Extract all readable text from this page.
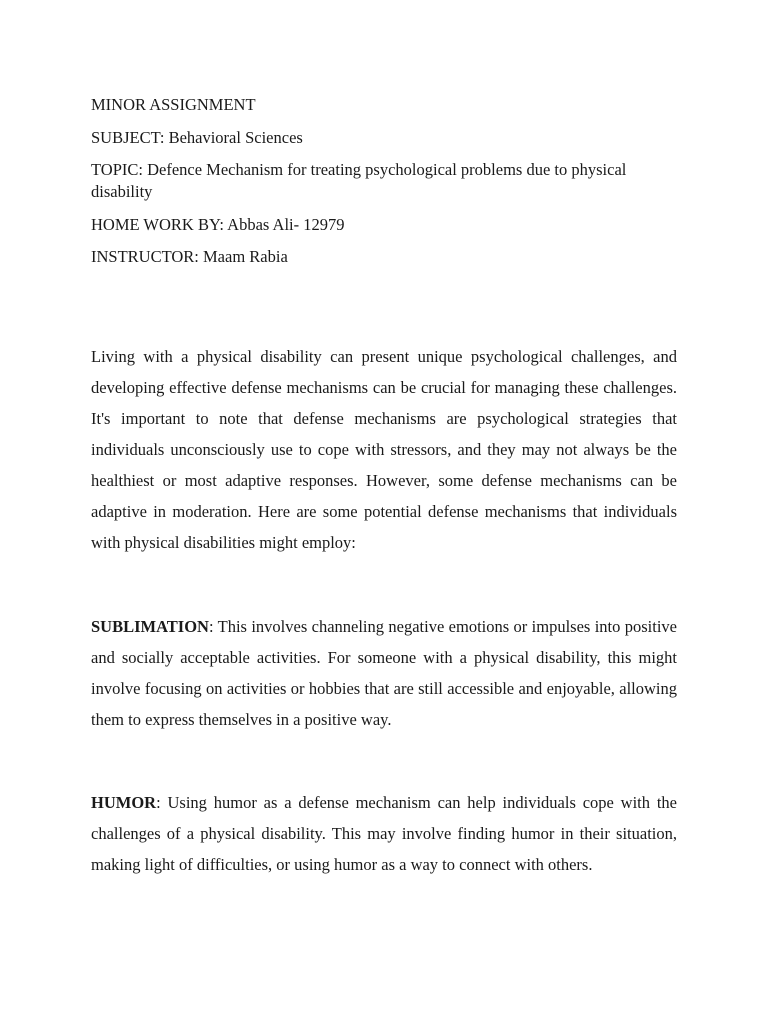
MINOR ASSIGNMENT

SUBJECT: Behavioral Sciences

TOPIC: Defence Mechanism for treating psychological problems due to physical disability

HOME WORK BY: Abbas Ali- 12979

INSTRUCTOR: Maam Rabia

Living with a physical disability can present unique psychological challenges, and developing effective defense mechanisms can be crucial for managing these challenges. It's important to note that defense mechanisms are psychological strategies that individuals unconsciously use to cope with stressors, and they may not always be the healthiest or most adaptive responses. However, some defense mechanisms can be adaptive in moderation. Here are some potential defense mechanisms that individuals with physical disabilities might employ:

SUBLIMATION: This involves channeling negative emotions or impulses into positive and socially acceptable activities. For someone with a physical disability, this might involve focusing on activities or hobbies that are still accessible and enjoyable, allowing them to express themselves in a positive way.

HUMOR: Using humor as a defense mechanism can help individuals cope with the challenges of a physical disability. This may involve finding humor in their situation, making light of difficulties, or using humor as a way to connect with others.
